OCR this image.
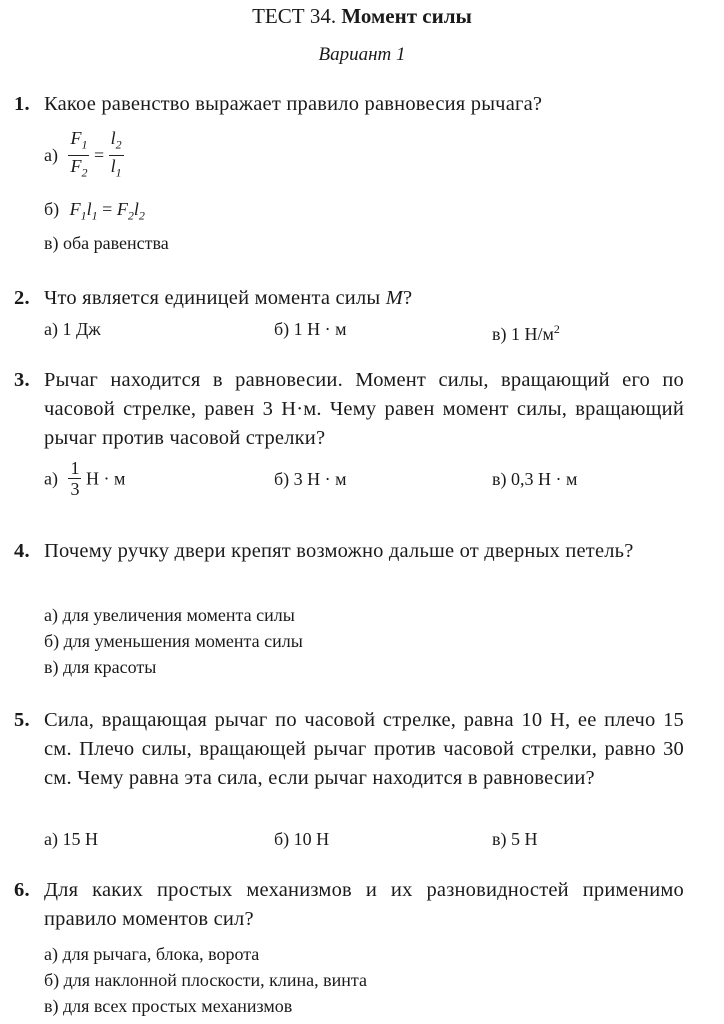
ТЕСТ 34. Момент силы
Вариант 1
1. Какое равенство выражает правило равновесия рычага?
$а) \frac{F_1}{F_2} = \frac{l_2}{l_1}$
б) $F_1l_1 = F_2l_2$
в) оба равенства
2. Что является единицей момента силы M?
а) 1 Дж	б) 1 Н · м	в) 1 $Н/м^2$
3. Рычаг находится в равновесии. Момент силы, вращающий его по часовой стрелке, равен 3 Н·м. Чему равен момент силы, вращающий рычаг против часовой стрелки?
$а) \frac{1}{3}$ Н · м	б) 3 Н · м	в) 0,3 Н · м
4. Почему ручку двери крепят возможно дальше от дверных петель?
а) для увеличения момента силы
б) для уменьшения момента силы
в) для красоты
5. Сила, вращающая рычаг по часовой стрелке, равна 10 Н, ее плечо 15 см. Плечо силы, вращающей рычаг против часовой стрелки, равно 30 см. Чему равна эта сила, если рычаг находится в равновесии?
а) 15 Н	б) 10 Н	в) 5 Н
6. Для каких простых механизмов и их разновидностей применимо правило моментов сил?
а) для рычага, блока, ворота
б) для наклонной плоскости, клина, винта
в) для всех простых механизмов
